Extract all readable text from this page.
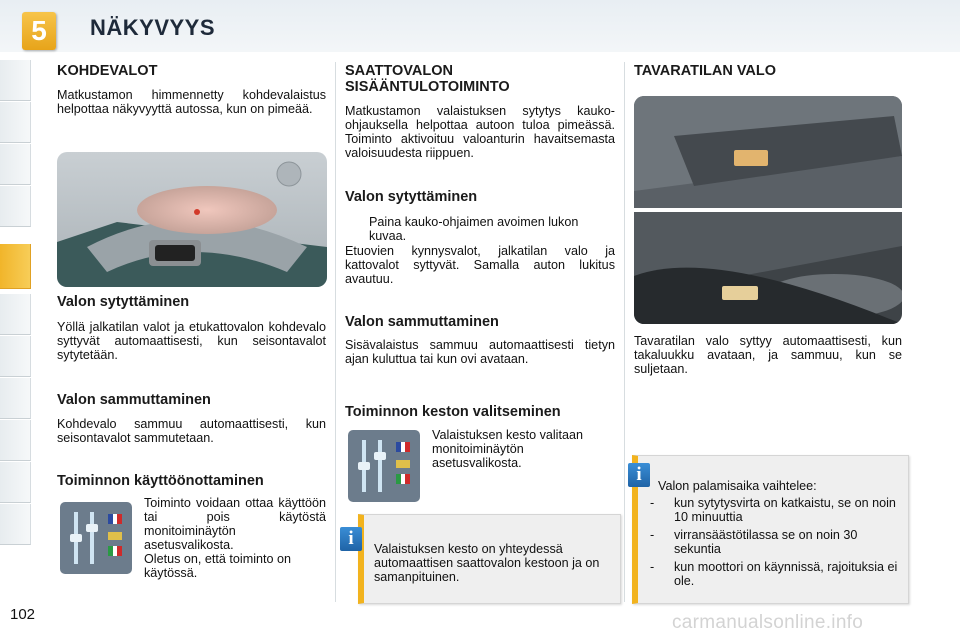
5	NÄKYVYYS
KOHDEVALOT

Matkustamon himmennetty kohdevalaistus helpottaa näkyvyyttä autossa, kun on pimeää.

Valon sytyttäminen

Yöllä jalkatilan valot ja etukattovalon kohdevalo syttyvät automaattisesti, kun seisontavalot sytytetään.

Valon sammuttaminen

Kohdevalo sammuu automaattisesti, kun seisontavalot sammutetaan.

Toiminnon käyttöönottaminen

Toiminto voidaan ottaa käyttöön tai pois käytöstä monitoiminäytön asetusvalikosta.

Oletus on, että toiminto on käytössä.

SAATTOVALON
SISÄÄNTULOTOIMINTO

Matkustamon valaistuksen sytytys kauko-ohjauksella helpottaa autoon tuloa pimeässä. Toiminto aktivoituu valoanturin havaitsemasta valoisuudesta riippuen.

Valon sytyttäminen

Paina kauko-ohjaimen avoimen lukon kuvaa.

Etuovien kynnysvalot, jalkatilan valo ja kattovalot syttyvät. Samalla auton lukitus avautuu.

Valon sammuttaminen

Sisävalaistus sammuu automaattisesti tietyn ajan kuluttua tai kun ovi avataan.

Toiminnon keston valitseminen

Valaistuksen kesto valitaan monitoiminäytön asetusvalikosta.

Valaistuksen kesto on yhteydessä automaattisen saattovalon kestoon ja on samanpituinen.

i
TAVARATILAN VALO

Tavaratilan valo syttyy automaattisesti, kun takaluukku avataan, ja sammuu, kun se suljetaan.

Valon palamisaika vaihtelee:

- kun sytytysvirta on katkaistu, se on noin 10 minuuttia
- virransäästötilassa se on noin 30 sekuntia
- kun moottori on käynnissä, rajoituksia ei ole.
i
102	carmanualsonline.info
